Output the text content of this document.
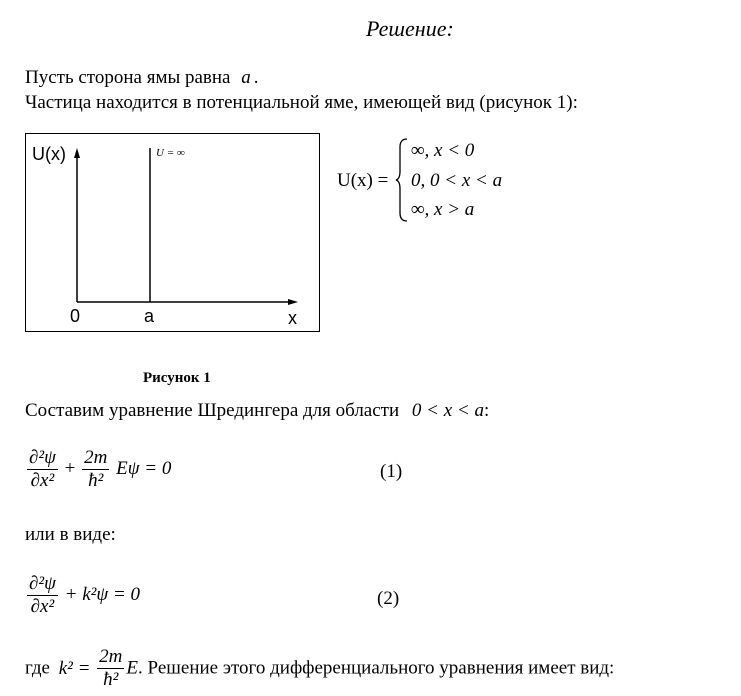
Решение:
Пусть сторона ямы равна a .
Частица находится в потенциальной яме, имеющей вид (рисунок 1):
U(x)	U = ∞
0	a	x
U(x) =
∞, x < 0
0, 0 < x < a
∞, x > a
Рисунок 1
Составим уравнение Шредингера для области 0 < x < a:
$\frac{\text{∂²ψ}}{\text{∂x²}} + \frac{2m}{\text{ħ²}}$ Eψ = 0	(1)
или в виде:
$\frac{\text{∂²ψ}}{\text{∂x²}} + k^2\psi = 0$	(2)
где $k^2 = \frac{2m}{\text{ħ²}} E$. Решение этого дифференциального уравнения имеет вид:
